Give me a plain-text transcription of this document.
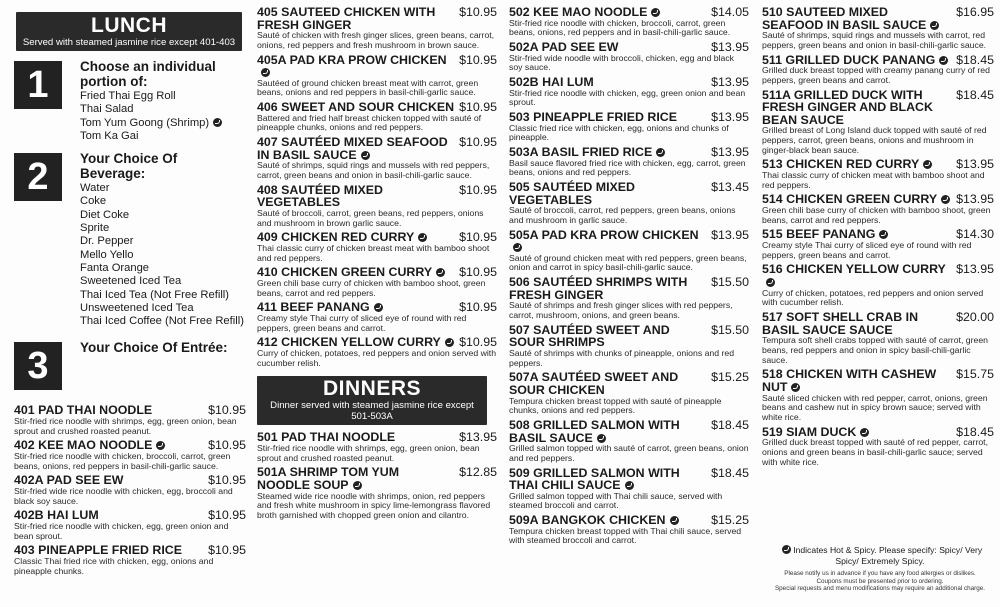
LUNCH
Served with steamed jasmine rice except 401-403
1	Choose an individual portion of:
Fried Thai Egg Roll
Thai Salad
Tom Yum Goong (Shrimp)
Tom Ka Gai
2	Your Choice Of Beverage:
Water
Coke
Diet Coke
Sprite
Dr. Pepper
Mello Yello
Fanta Orange
Sweetened Iced Tea
Thai Iced Tea (Not Free Refill)
Unsweetened Iced Tea
Thai Iced Coffee (Not Free Refill)
3	Your Choice Of Entrée:
401 PAD THAI NOODLE	$10.95
Stir-fried rice noodle with shrimps, egg, green onion, bean sprout and crushed roasted peanut.
402 KEE MAO NOODLE	$10.95
Stir-fried rice noodle with chicken, broccoli, carrot, green beans, onions, red peppers in basil-chili-garlic sauce.
402A PAD SEE EW	$10.95
Stir-fried wide rice noodle with chicken, egg, broccoli and black soy sauce.
402B HAI LUM	$10.95
Stir-fried rice noodle with chicken, egg, green onion and bean sprout.
403 PINEAPPLE FRIED RICE $10.95
Classic Thai fried rice with chicken, egg, onions and pineapple chunks.
405 SAUTEED CHICKEN WITH FRESH GINGER
$10.95
Sauté of chicken with fresh ginger slices, green beans, carrot, onions, red peppers and fresh mushroom in brown sauce.
405A PAD KRA PROW CHICKEN	$10.95
Sautéed of ground chicken breast meat with carrot, green beans, onions and red peppers in basil-chili-garlic sauce.
406 SWEET AND SOUR CHICKEN $10.95
Battered and fried half breast chicken topped with sauté of pineapple chunks, onions and red peppers.
407 SAUTÉED MIXED SEAFOOD IN BASIL SAUCE
$10.95
Sauté of shrimps, squid rings and mussels with red peppers, carrot, green beans and onion in basil-chili-garlic sauce.
408 SAUTÉED MIXED VEGETABLES
$10.95
Sauté of broccoli, carrot, green beans, red peppers, onions and mushroom in brown garlic sauce.
409 CHICKEN RED CURRY	$10.95
Thai classic curry of chicken breast meat with bamboo shoot and red peppers.
410 CHICKEN GREEN CURRY	$10.95
Green chili base curry of chicken with bamboo shoot, green beans, carrot and red peppers.
411 BEEF PANANG	$10.95
Creamy style Thai curry of sliced eye of round with red peppers, green beans and carrot.
412 CHICKEN YELLOW CURRY	$10.95
Curry of chicken, potatoes, red peppers and onion served with cucumber relish.
DINNERS
Dinner served with steamed jasmine rice except 501-503A
501 PAD THAI NOODLE	$13.95
Stir-fried rice noodle with shrimps, egg, green onion, bean sprout and crushed roasted peanut.
501A SHRIMP TOM YUM NOODLE SOUP
$12.85
Steamed wide rice noodle with shrimps, onion, red peppers and fresh white mushroom in spicy lime-lemongrass flavored broth garnished with chopped green onion and cilantro.
502 KEE MAO NOODLE	$14.05
Stir-fried rice noodle with chicken, broccoli, carrot, green beans, onions, red peppers and in basil-chili-garlic sauce.
502A PAD SEE EW	$13.95
Stir-fried wide noodle with broccoli, chicken, egg and black soy sauce.
502B HAI LUM	$13.95
Stir-fried rice noodle with chicken, egg, green onion and bean sprout.
503 PINEAPPLE FRIED RICE	$13.95
Classic fried rice with chicken, egg, onions and chunks of pineapple.
503A BASIL FRIED RICE	$13.95
Basil sauce flavored fried rice with chicken, egg, carrot, green beans, onions and red peppers.
505 SAUTÉED MIXED VEGETABLES
$13.45
Sauté of broccoli, carrot, red peppers, green beans, onions and mushroom in garlic sauce.
505A PAD KRA PROW CHICKEN	$13.95
Sauté of ground chicken meat with red peppers, green beans, onion and carrot in spicy basil-chili-garlic sauce.
506 SAUTÉED SHRIMPS WITH FRESH GINGER
$15.50
Sauté of shrimps and fresh ginger slices with red peppers, carrot, mushroom, onions, and green beans.
507 SAUTÉED SWEET AND SOUR SHRIMPS
$15.50
Sauté of shrimps with chunks of pineapple, onions and red peppers.
507A SAUTÉED SWEET AND SOUR CHICKEN
$15.25
Tempura chicken breast topped with sauté of pineapple chunks, onions and red peppers.
508 GRILLED SALMON WITH BASIL SAUCE
$18.45
Grilled salmon topped with sauté of carrot, green beans, onion and red peppers.
509 GRILLED SALMON WITH THAI CHILI SAUCE
$18.45
Grilled salmon topped with Thai chili sauce, served with steamed broccoli and carrot.
509A BANGKOK CHICKEN	$15.25
Tempura chicken breast topped with Thai chili sauce, served with steamed broccoli and carrot.
510 SAUTEED MIXED SEAFOOD IN BASIL SAUCE
$16.95
Sauté of shrimps, squid rings and mussels with carrot, red peppers, green beans and onion in basil-chili-garlic sauce.
511 GRILLED DUCK PANANG	$18.45
Grilled duck breast topped with creamy panang curry of red peppers, green beans and carrot.
511A GRILLED DUCK WITH FRESH GINGER AND BLACK BEAN SAUCE
$18.45
Grilled breast of Long Island duck topped with sauté of red peppers, carrot, green beans, onions and mushroom in ginger-black bean sauce.
513 CHICKEN RED CURRY	$13.95
Thai classic curry of chicken meat with bamboo shoot and red peppers.
514 CHICKEN GREEN CURRY	$13.95
Green chili base curry of chicken with bamboo shoot, green beans, carrot and red peppers.
515 BEEF PANANG	$14.30
Creamy style Thai curry of sliced eye of round with red peppers, green beans and carrot.
516 CHICKEN YELLOW CURRY $13.95
Curry of chicken, potatoes, red peppers and onion served with cucumber relish.
517 SOFT SHELL CRAB IN BASIL SAUCE SAUCE
$20.00
Tempura soft shell crabs topped with sauté of carrot, green beans, red peppers and onion in spicy basil-chili-garlic sauce.
518 CHICKEN WITH CASHEW NUT
$15.75
Sauté sliced chicken with red pepper, carrot, onions, green beans and cashew nut in spicy brown sauce; served with white rice.
519 SIAM DUCK	$18.45
Grilled duck breast topped with sauté of red pepper, carrot, onions and green beans in basil-chili-garlic sauce; served with white rice.
Indicates Hot & Spicy. Please specify: Spicy/ Very Spicy/ Extremely Spicy.
Please notify us in advance if you have any food allergies or dislikes.
Coupons must be presented prior to ordering.
Special requests and menu modifications may require an additional charge.
